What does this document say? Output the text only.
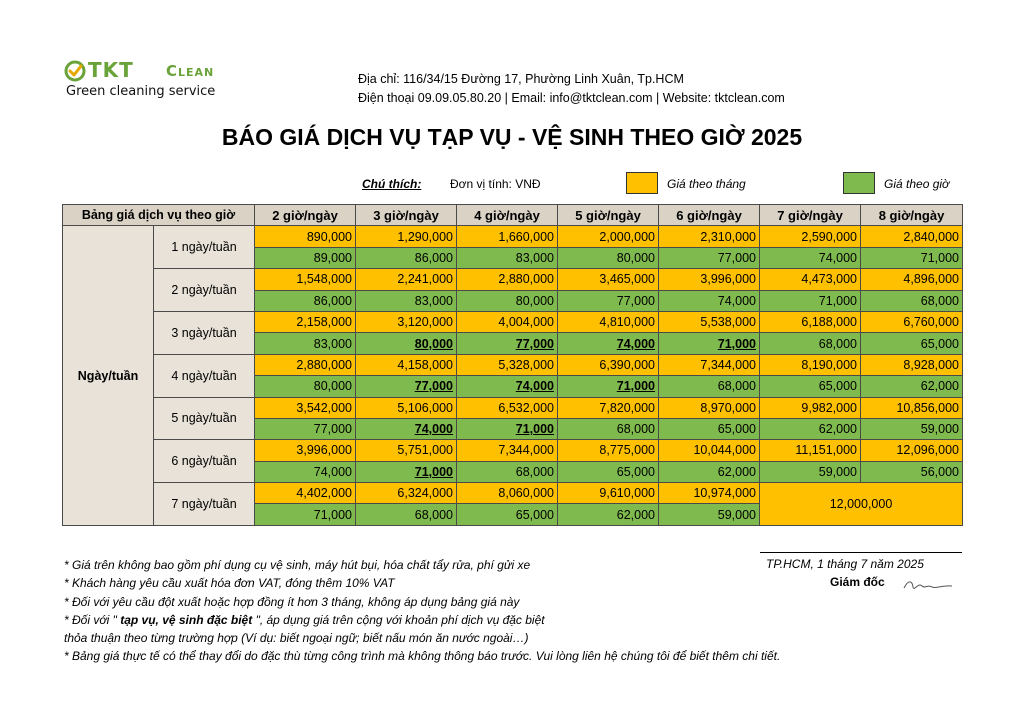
TKT Clean
Green cleaning service
Địa chỉ: 116/34/15 Đường 17, Phường Linh Xuân, Tp.HCM
Điện thoại 09.09.05.80.20 | Email: info@tktclean.com | Website: tktclean.com
BÁO GIÁ DỊCH VỤ TẠP VỤ - VỆ SINH THEO GIỜ 2025
Chú thích: Đơn vị tính: VNĐ	Giá theo tháng	Giá theo giờ
Bảng giá dịch vụ theo giờ		2 giờ/ngày	3 giờ/ngày	4 giờ/ngày	5 giờ/ngày	6 giờ/ngày	7 giờ/ngày	8 giờ/ngày
Ngày/tuần	1 ngày/tuần	890,000	1,290,000	1,660,000	2,000,000	2,310,000	2,590,000	2,840,000
		89,000	86,000	83,000	80,000	77,000	74,000	71,000
	2 ngày/tuần	1,548,000	2,241,000	2,880,000	3,465,000	3,996,000	4,473,000	4,896,000
		86,000	83,000	80,000	77,000	74,000	71,000	68,000
	3 ngày/tuần	2,158,000	3,120,000	4,004,000	4,810,000	5,538,000	6,188,000	6,760,000
		83,000	80,000	77,000	74,000	71,000	68,000	65,000
	4 ngày/tuần	2,880,000	4,158,000	5,328,000	6,390,000	7,344,000	8,190,000	8,928,000
		80,000	77,000	74,000	71,000	68,000	65,000	62,000
	5 ngày/tuần	3,542,000	5,106,000	6,532,000	7,820,000	8,970,000	9,982,000	10,856,000
		77,000	74,000	71,000	68,000	65,000	62,000	59,000
	6 ngày/tuần	3,996,000	5,751,000	7,344,000	8,775,000	10,044,000	11,151,000	12,096,000
		74,000	71,000	68,000	65,000	62,000	59,000	56,000
	7 ngày/tuần	4,402,000	6,324,000	8,060,000	9,610,000	10,974,000	12,000,000	
		71,000	68,000	65,000	62,000	59,000		
* Giá trên không bao gồm phí dụng cụ vệ sinh, máy hút bụi, hóa chất tẩy rửa, phí gửi xe
* Khách hàng yêu cầu xuất hóa đơn VAT, đóng thêm 10% VAT
* Đối với yêu cầu đột xuất hoặc hợp đồng ít hơn 3 tháng, không áp dụng bảng giá này
* Đối với " tạp vụ, vệ sinh đặc biệt ", áp dụng giá trên cộng với khoản phí dịch vụ đặc biệt
thỏa thuận theo từng trường hợp (Ví dụ: biết ngoại ngữ; biết nấu món ăn nước ngoài…)
* Bảng giá thực tế có thể thay đổi do đặc thù từng công trình mà không thông báo trước. Vui lòng liên hệ chúng tôi để biết thêm chi tiết.
TP.HCM, 1 tháng 7 năm 2025
Giám đốc
